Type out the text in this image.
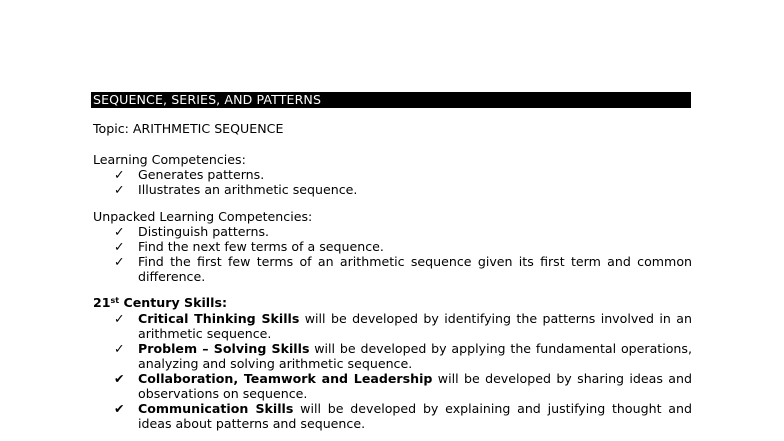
SEQUENCE, SERIES, AND PATTERNS
Topic: ARITHMETIC SEQUENCE
Learning Competencies:
✓	Generates patterns.
✓	Illustrates an arithmetic sequence.
Unpacked Learning Competencies:
✓	Distinguish patterns.
✓	Find the next few terms of a sequence.
✓	Find the first few terms of an arithmetic sequence given its first term and common difference.
21st Century Skills:
✓	Critical Thinking Skills will be developed by identifying the patterns involved in an arithmetic sequence.
✓	Problem – Solving Skills will be developed by applying the fundamental operations, analyzing and solving arithmetic sequence.
✔	Collaboration, Teamwork and Leadership will be developed by sharing ideas and observations on sequence.
✔	Communication Skills will be developed by explaining and justifying thought and ideas about patterns and sequence.
